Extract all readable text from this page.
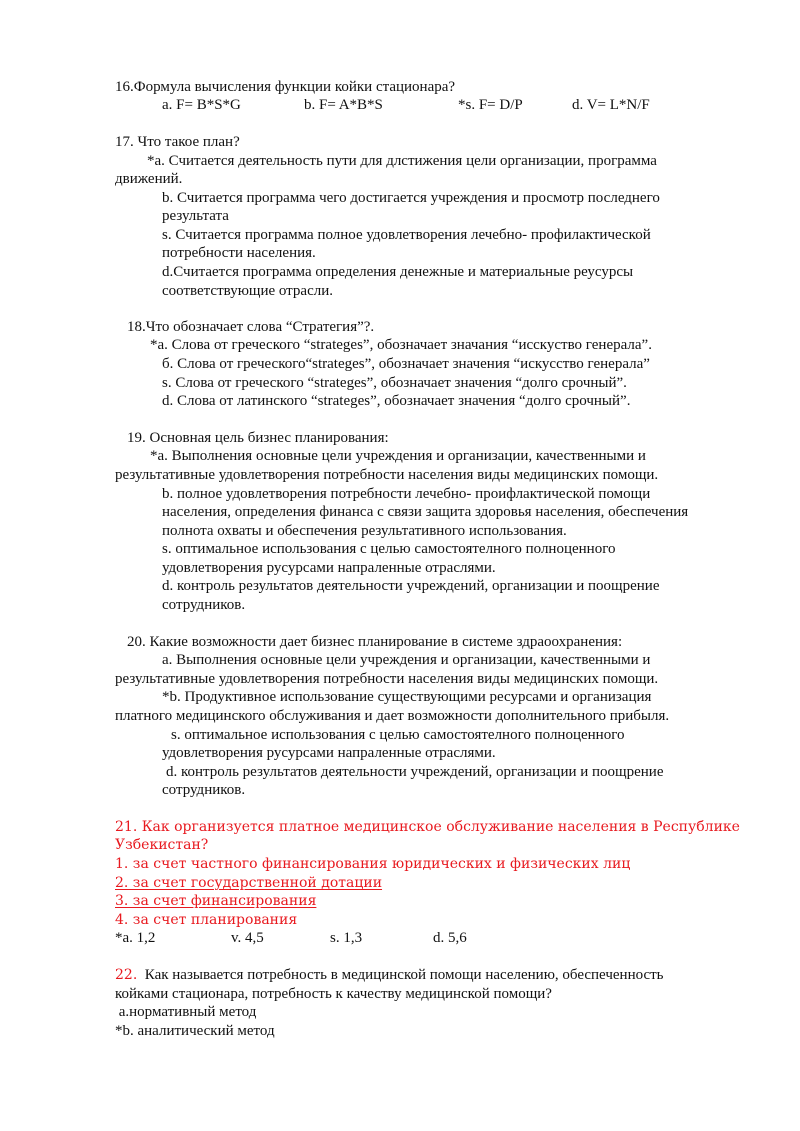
16.Формула вычисления функции койки стационара?
a. F= B*S*G	b. F= A*B*S	*s. F= D/P	d. V= L*N/F
17. Что такое план?
*a. Считается деятельность пути для длстижения цели организации, программа
движений.
b. Считается программа чего достигается учреждения и просмотр последнего
результата
s. Считается программа полное удовлетворения лечебно- профилактической
потребности населения.
d.Считается программа определения денежные и материальные реусурсы
соответствующие отрасли.
18.Что обозначает слова “Стратегия”?.
*a. Слова от греческого “strateges”, обозначает значания “исскуство генерала”.
б. Слова от греческого“strateges”, обозначает значения “искусство генерала”
s. Слова от греческого “strateges”, обозначает значения “долго срочный”.
d. Слова от латинского “strateges”, обозначает значения “долго срочный”.
19. Основная цель бизнес планирования:
*a. Выполнения основные цели учреждения и организации, качественными и
результативные удовлетворения потребности населения виды медицинских помощи.
b. полное удовлетворения потребности лечебно- проифлактической помощи
населения, определения финанса с связи защита здоровья населения, обеспечения
полнота охваты и обеспечения результативного использования.
s. оптимальное использования с целью самостоятелного полноценного
удовлетворения русурсами напраленные отраслями.
d. контроль результатов деятельности учреждений, организации и поощрение
сотрудников.
20. Какие возможности дает бизнес планирование в системе здраоохранения:
a. Выполнения основные цели учреждения и организации, качественными и
результативные удовлетворения потребности населения виды медицинских помощи.
*b. Продуктивное использование существующими ресурсами и организация
платного медицинского обслуживания и дает возможности дополнительного прибыля.
s. оптимальное использования с целью самостоятелного полноценного
удовлетворения русурсами напраленные отраслями.
d. контроль результатов деятельности учреждений, организации и поощрение
сотрудников.
21. Как организуется платное медицинское обслуживание населения в Республике
Узбекистан?
1. за счет частного финансирования юридических и физических лиц
2. за счет государственной дотации
3. за счет финансирования
4. за счет планирования
*a. 1,2	v. 4,5	s. 1,3	d. 5,6
22.  Как называется потребность в медицинской помощи населению, обеспеченность
койками стационара, потребность к качеству медицинской помощи?
a.нормативный метод
*b. аналитический метод
